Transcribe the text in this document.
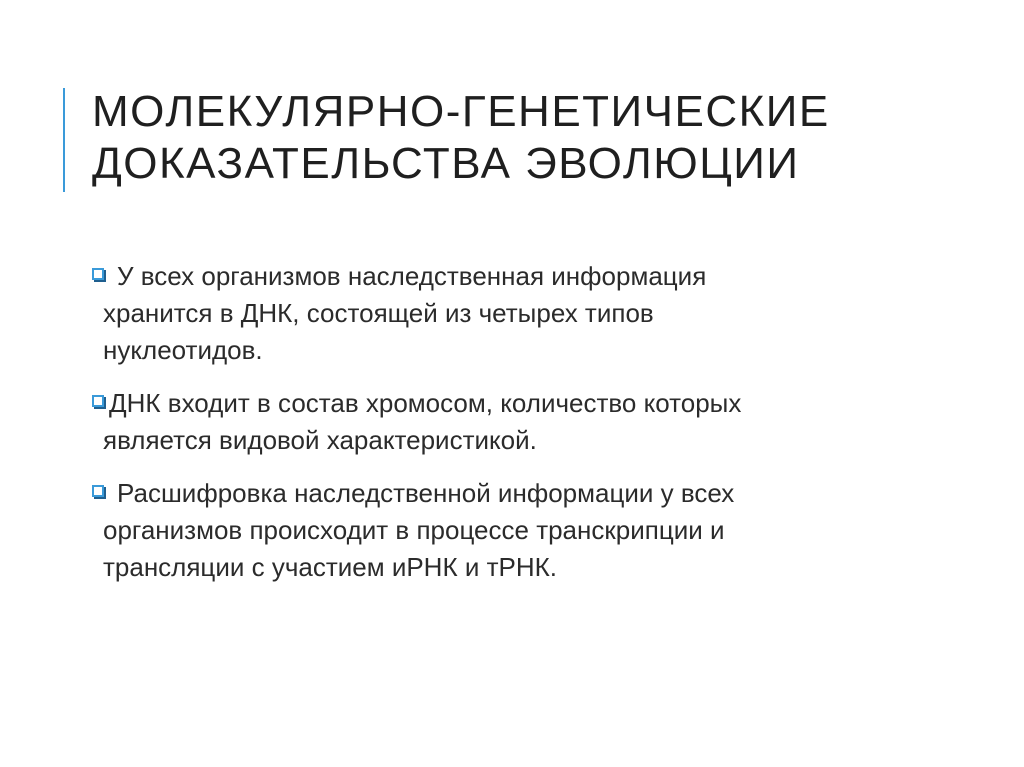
МОЛЕКУЛЯРНО-ГЕНЕТИЧЕСКИЕ
ДОКАЗАТЕЛЬСТВА ЭВОЛЮЦИИ
У всех организмов наследственная информация
хранится в ДНК, состоящей из четырех типов
нуклеотидов.
ДНК входит в состав хромосом, количество которых
является видовой характеристикой.
Расшифровка наследственной информации у всех
организмов происходит в процессе транскрипции и
трансляции с участием иРНК и тРНК.
